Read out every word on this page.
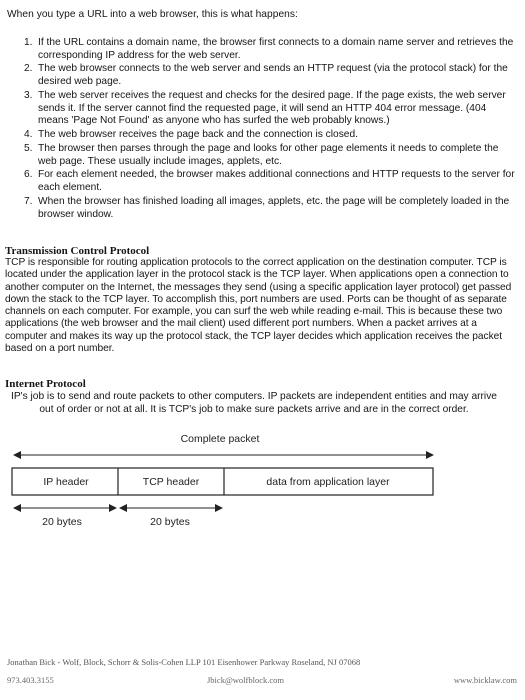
When you type a URL into a web browser, this is what happens:
1. If the URL contains a domain name, the browser first connects to a domain name server and retrieves the corresponding IP address for the web server.
2. The web browser connects to the web server and sends an HTTP request (via the protocol stack) for the desired web page.
3. The web server receives the request and checks for the desired page. If the page exists, the web server sends it. If the server cannot find the requested page, it will send an HTTP 404 error message. (404 means 'Page Not Found' as anyone who has surfed the web probably knows.)
4. The web browser receives the page back and the connection is closed.
5. The browser then parses through the page and looks for other page elements it needs to complete the web page. These usually include images, applets, etc.
6. For each element needed, the browser makes additional connections and HTTP requests to the server for each element.
7. When the browser has finished loading all images, applets, etc. the page will be completely loaded in the browser window.
Transmission Control Protocol

TCP is responsible for routing application protocols to the correct application on the destination computer. TCP is located under the application layer in the protocol stack is the TCP layer. When applications open a connection to another computer on the Internet, the messages they send (using a specific application layer protocol) get passed down the stack to the TCP layer. To accomplish this, port numbers are used. Ports can be thought of as separate channels on each computer. For example, you can surf the web while reading e-mail. This is because these two applications (the web browser and the mail client) used different port numbers. When a packet arrives at a computer and makes its way up the protocol stack, the TCP layer decides which application receives the packet based on a port number.

Internet Protocol

IP's job is to send and route packets to other computers. IP packets are independent entities and may arrive out of order or not at all. It is TCP's job to make sure packets arrive and are in the correct order.

Complete packet
IP header	TCP header	data from application layer
20 bytes	20 bytes
Jonathan Bick - Wolf, Block, Schorr & Solis-Cohen LLP 101 Eisenhower Parkway Roseland, NJ 07068
973.403.3155	Jbick@wolfblock.com	www.bicklaw.com
